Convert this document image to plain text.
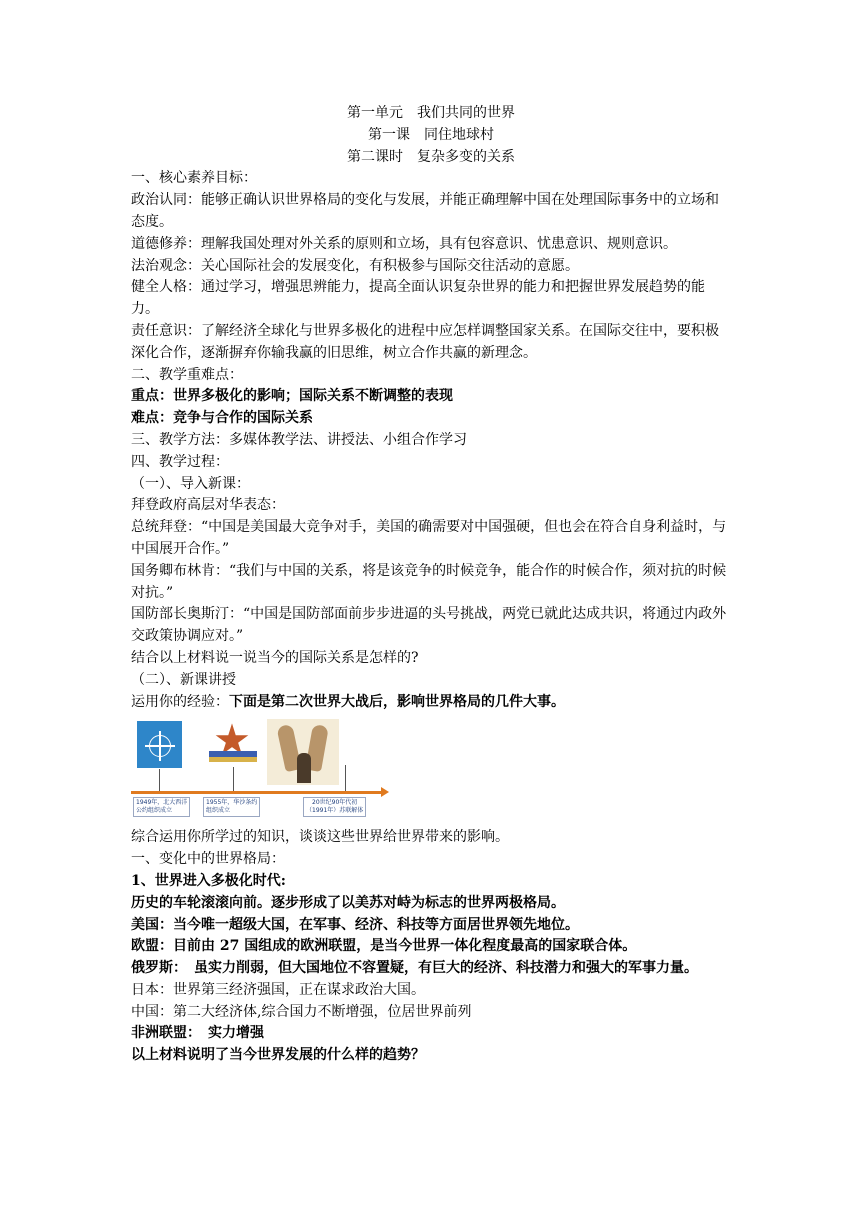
第一单元　我们共同的世界
第一课　同住地球村
第二课时　复杂多变的关系
一、核心素养目标：
政治认同：能够正确认识世界格局的变化与发展，并能正确理解中国在处理国际事务中的立场和态度。
道德修养：理解我国处理对外关系的原则和立场，具有包容意识、忧患意识、规则意识。
法治观念：关心国际社会的发展变化，有积极参与国际交往活动的意愿。
健全人格：通过学习，增强思辨能力，提高全面认识复杂世界的能力和把握世界发展趋势的能力。
责任意识：了解经济全球化与世界多极化的进程中应怎样调整国家关系。在国际交往中，要积极深化合作，逐渐摒弃你输我赢的旧思维，树立合作共赢的新理念。
二、教学重难点：
重点：世界多极化的影响；国际关系不断调整的表现
难点：竞争与合作的国际关系
三、教学方法：多媒体教学法、讲授法、小组合作学习
四、教学过程：
（一）、导入新课：
拜登政府高层对华表态：
总统拜登：“中国是美国最大竞争对手，美国的确需要对中国强硬，但也会在符合自身利益时，与中国展开合作。”
国务卿布林肯：“我们与中国的关系，将是该竞争的时候竞争，能合作的时候合作，须对抗的时候对抗。”
国防部长奥斯汀：“中国是国防部面前步步进逼的头号挑战，两党已就此达成共识，将通过内政外交政策协调应对。”
结合以上材料说一说当今的国际关系是怎样的?
（二）、新课讲授
运用你的经验：下面是第二次世界大战后，影响世界格局的几件大事。
1949年，北大西洋
公约组织成立
1955年，华沙条约
组织成立
20世纪90年代初
（1991年）苏联解体
综合运用你所学过的知识，谈谈这些世界给世界带来的影响。
一、变化中的世界格局：
1、世界进入多极化时代:
历史的车轮滚滚向前。逐步形成了以美苏对峙为标志的世界两极格局。
美国：当今唯一超级大国，在军事、经济、科技等方面居世界领先地位。
欧盟：目前由 27 国组成的欧洲联盟，是当今世界一体化程度最高的国家联合体。
俄罗斯：　虽实力削弱，但大国地位不容置疑，有巨大的经济、科技潜力和强大的军事力量。
日本：世界第三经济强国，正在谋求政治大国。
中国：第二大经济体,综合国力不断增强，位居世界前列
非洲联盟：　实力增强
以上材料说明了当今世界发展的什么样的趋势？
